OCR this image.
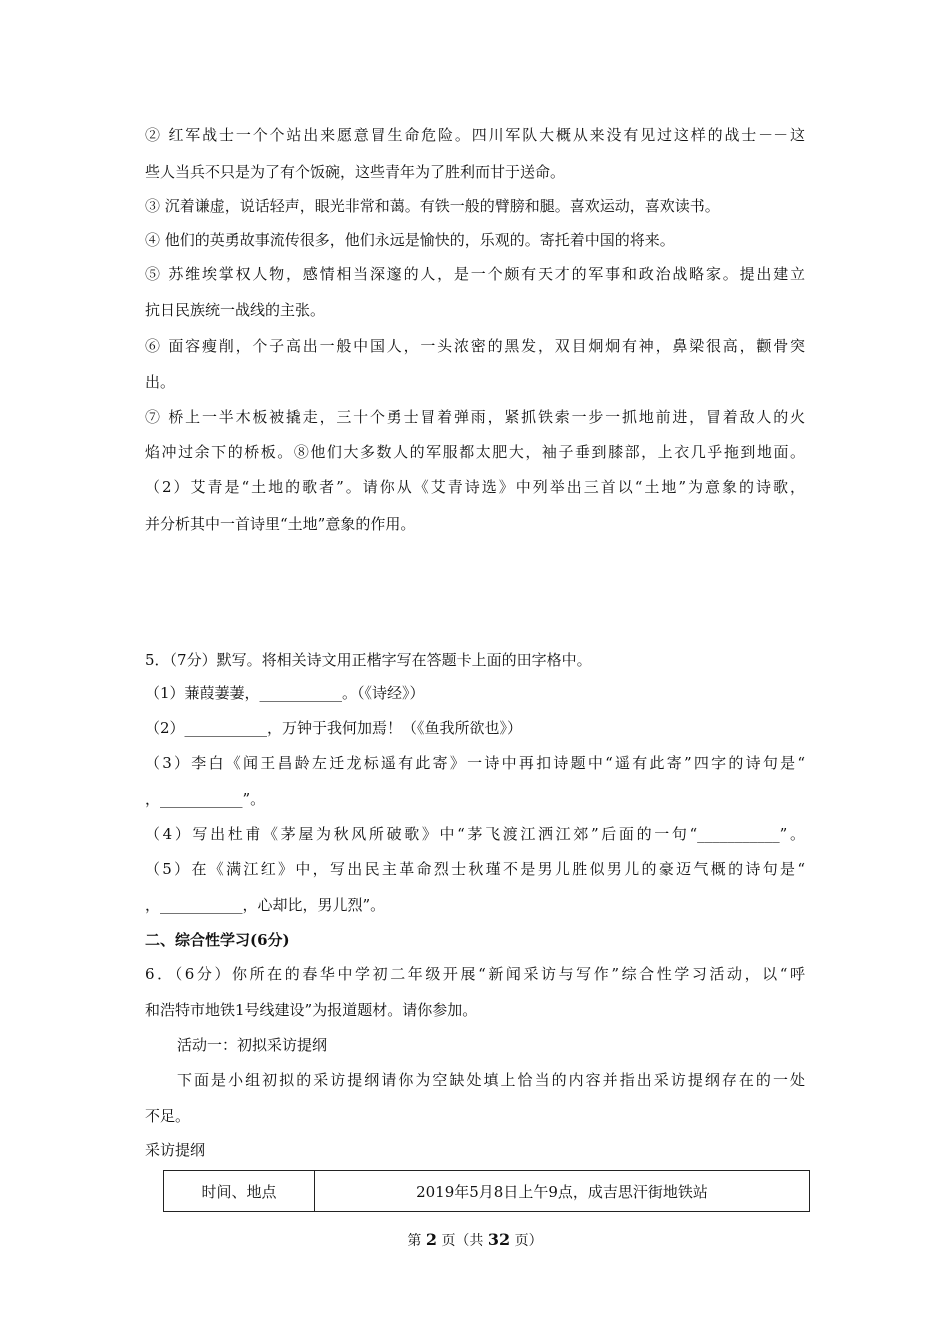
② 红军战士一个个站出来愿意冒生命危险。四川军队大概从来没有见过这样的战士－－这
些人当兵不只是为了有个饭碗，这些青年为了胜利而甘于送命。
③ 沉着谦虚，说话轻声，眼光非常和蔼。有铁一般的臂膀和腿。喜欢运动，喜欢读书。
④ 他们的英勇故事流传很多，他们永远是愉快的，乐观的。寄托着中国的将来。
⑤ 苏维埃掌权人物，感情相当深邃的人，是一个颇有天才的军事和政治战略家。提出建立
抗日民族统一战线的主张。
⑥ 面容瘦削，个子高出一般中国人，一头浓密的黑发，双目炯炯有神，鼻梁很高，颧骨突
出。
⑦ 桥上一半木板被撬走，三十个勇士冒着弹雨，紧抓铁索一步一抓地前进，冒着敌人的火
焰冲过余下的桥板。⑧他们大多数人的军服都太肥大，袖子垂到膝部，上衣几乎拖到地面。
（2）艾青是“土地的歌者”。请你从《艾青诗选》中列举出三首以“土地”为意象的诗歌，
并分析其中一首诗里“土地”意象的作用。
5．（7分）默写。将相关诗文用正楷字写在答题卡上面的田字格中。
（1）蒹葭萋萋，___________。（《诗经》）
（2）___________，万钟于我何加焉！（《鱼我所欲也》）
（3）李白《闻王昌龄左迁龙标遥有此寄》一诗中再扣诗题中“遥有此寄”四字的诗句是“
，___________”。
（4）写出杜甫《茅屋为秋风所破歌》中“茅飞渡江洒江郊”后面的一句“___________”。
（5）在《满江红》中，写出民主革命烈士秋瑾不是男儿胜似男儿的豪迈气概的诗句是“
，___________，心却比，男儿烈”。
二、综合性学习(6分)
6．（6分）你所在的春华中学初二年级开展“新闻采访与写作”综合性学习活动，以“呼
和浩特市地铁1号线建设”为报道题材。请你参加。
活动一：初拟采访提纲
下面是小组初拟的采访提纲请你为空缺处填上恰当的内容并指出采访提纲存在的一处
不足。
采访提纲
时间、地点	2019年5月8日上午9点，成吉思汗街地铁站
第 2 页（共 32 页）
